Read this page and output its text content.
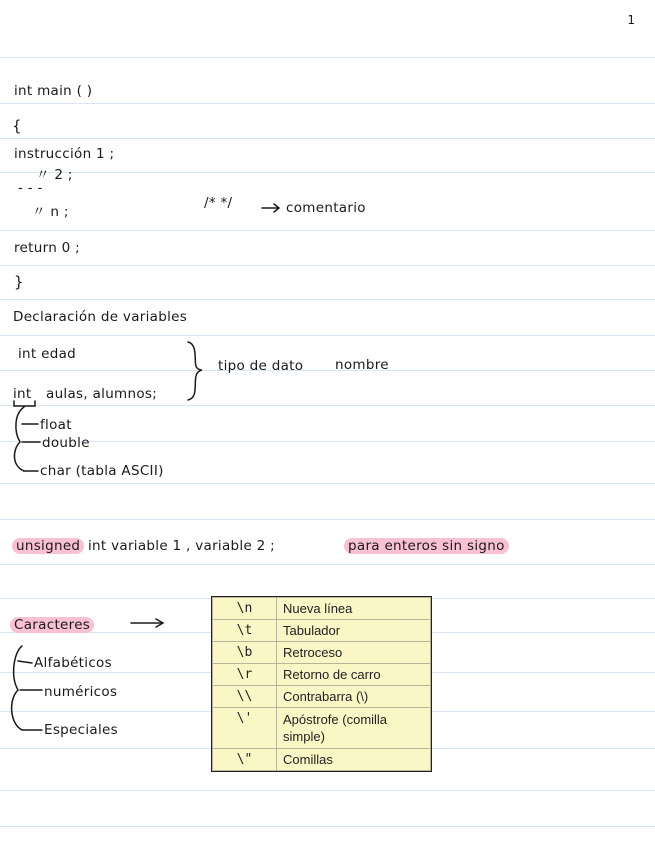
1
int main ( )
{
instrucción 1 ;
〃 2 ;
- - -
〃 n ;
/* */	comentario
return 0 ;
}
Declaración de variables
int edad
int aulas, alumnos;
tipo de dato nombre
float
double
char (tabla ASCII)
unsigned int variable 1 , variable 2 ;	para enteros sin signo
Caracteres
Alfabéticos
numéricos
Especiales
\n	Nueva línea
\t	Tabulador
\b	Retroceso
\r	Retorno de carro
\\	Contrabarra (\)
\'	Apóstrofe (comilla simple)
\"	Comillas
